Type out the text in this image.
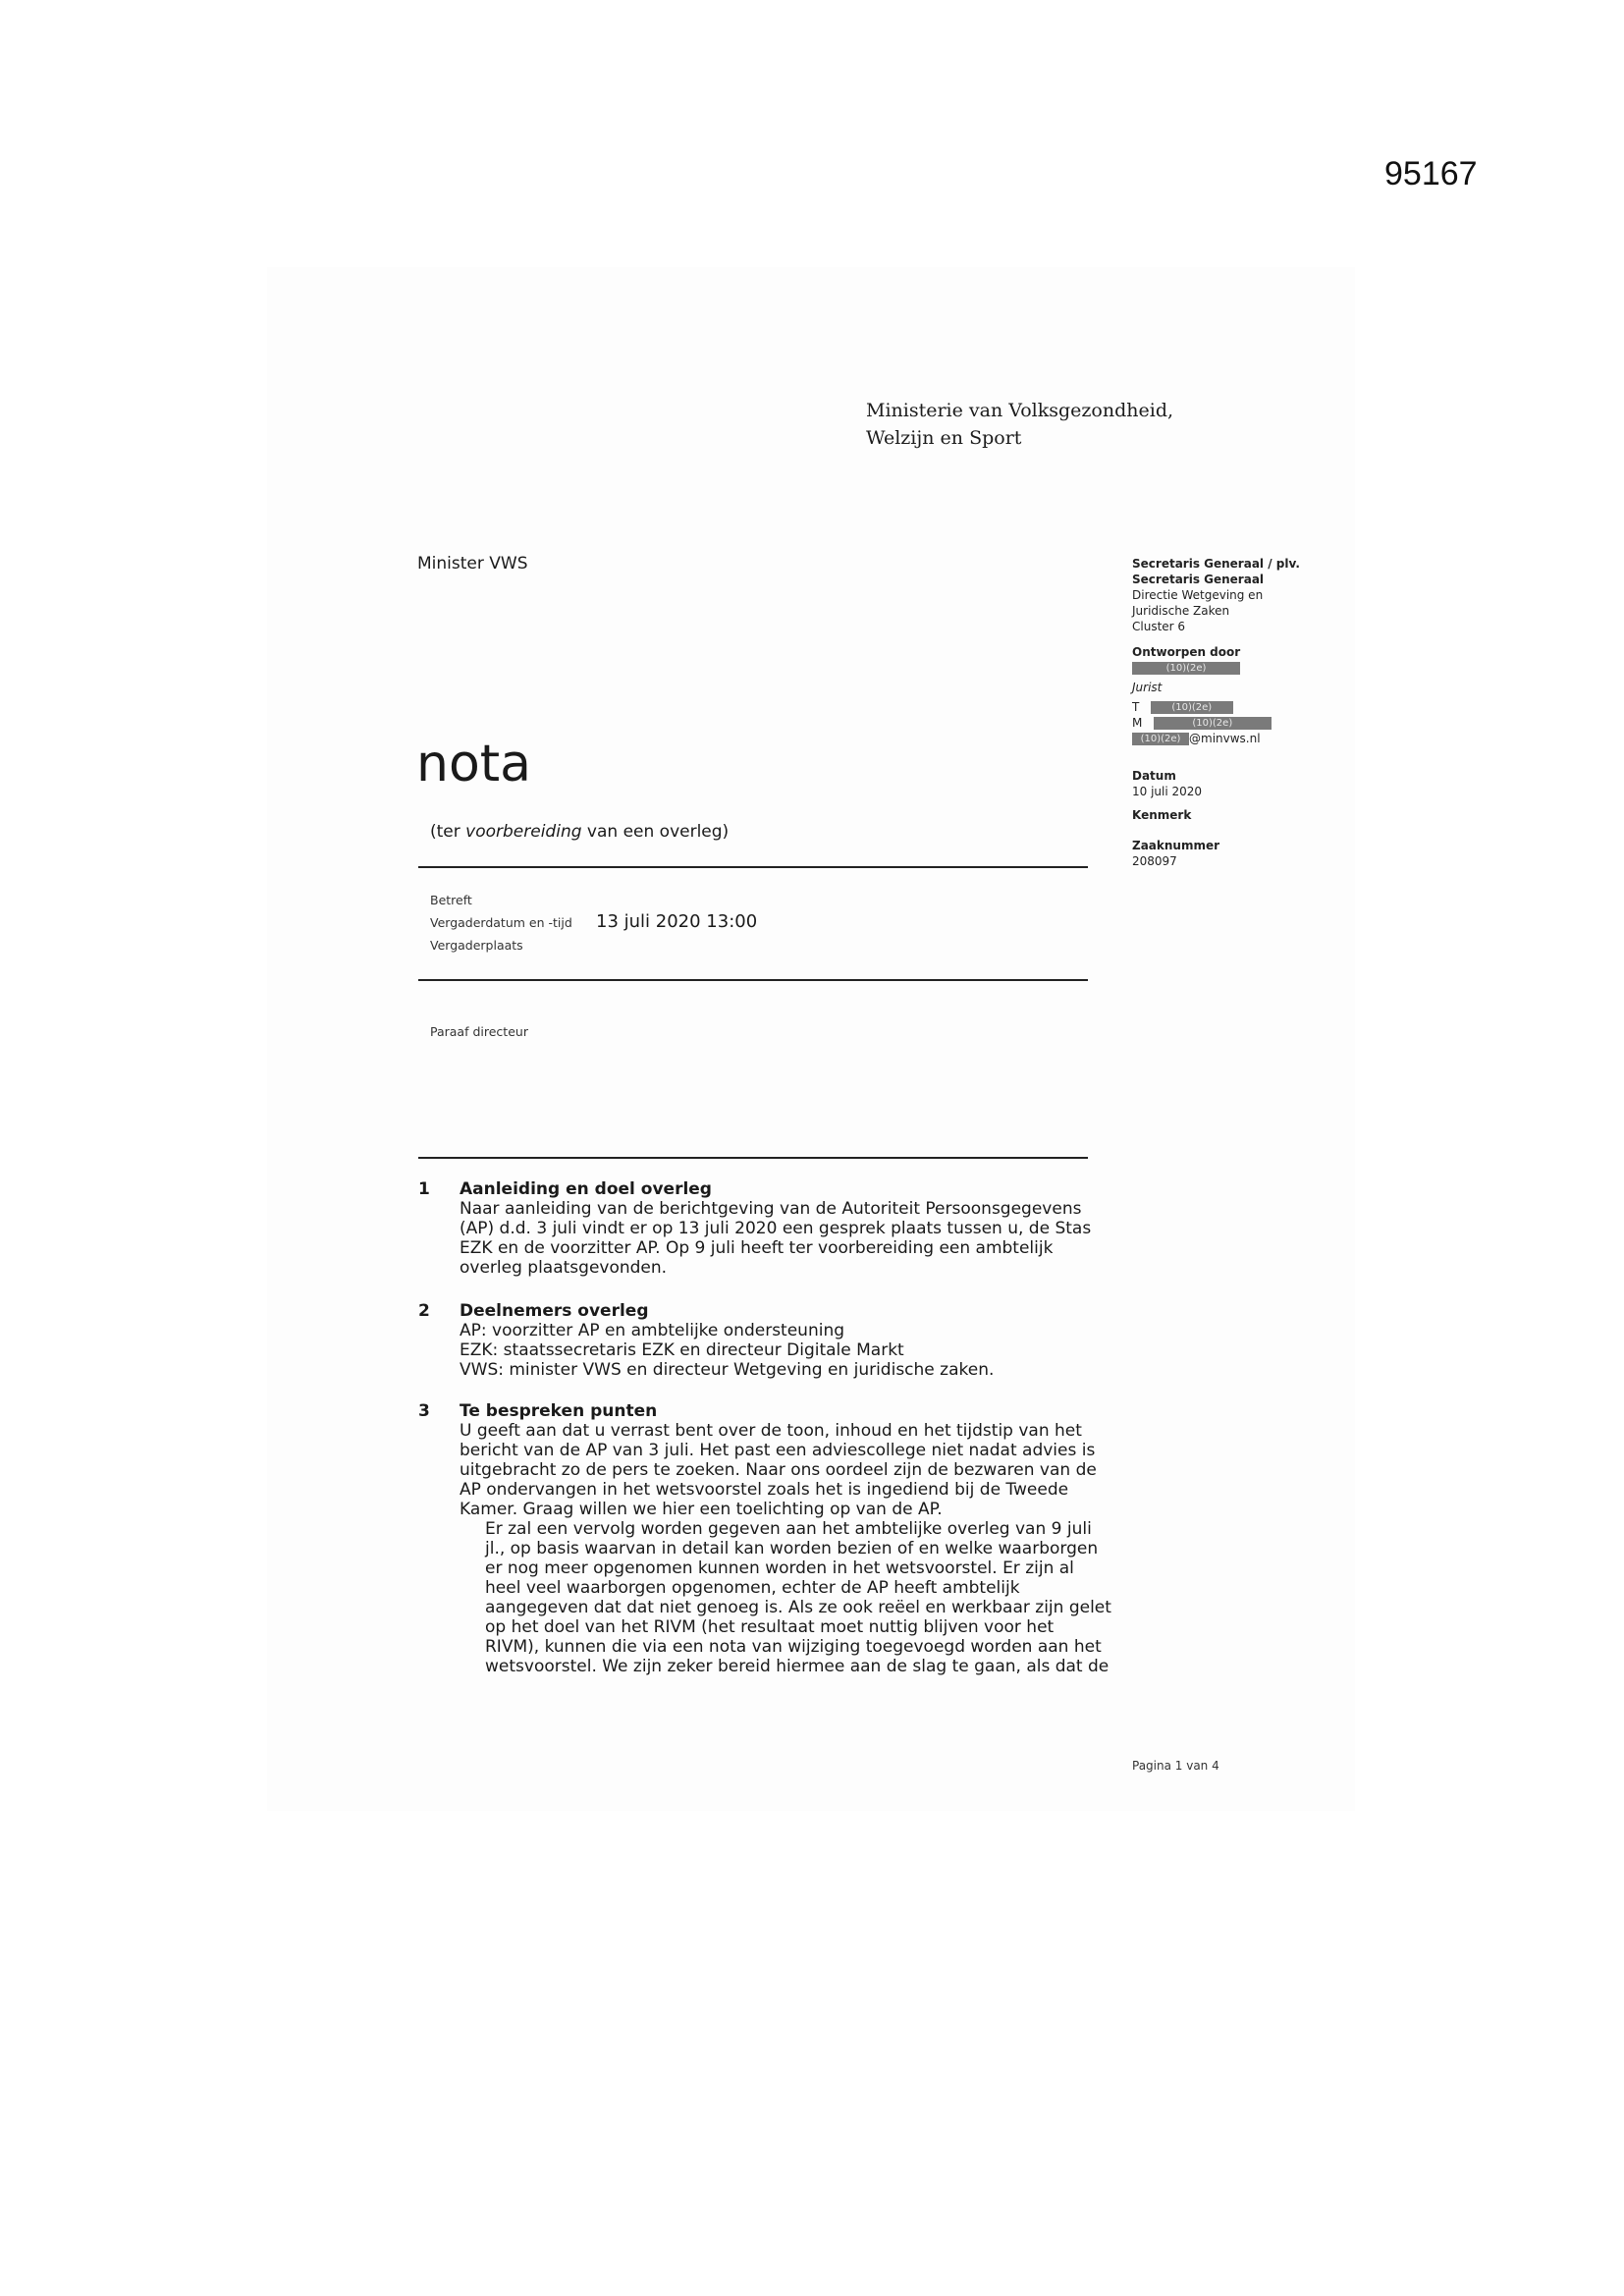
95167
Ministerie van Volksgezondheid,
Welzijn en Sport
Minister VWS
nota
(ter voorbereiding van een overleg)
Betreft
Vergaderdatum en -tijd
Vergaderplaats
13 juli 2020 13:00
Paraaf directeur
1 Aanleiding en doel overleg
Naar aanleiding van de berichtgeving van de Autoriteit Persoonsgegevens
(AP) d.d. 3 juli vindt er op 13 juli 2020 een gesprek plaats tussen u, de Stas
EZK en de voorzitter AP. Op 9 juli heeft ter voorbereiding een ambtelijk
overleg plaatsgevonden.
2 Deelnemers overleg
AP: voorzitter AP en ambtelijke ondersteuning
EZK: staatssecretaris EZK en directeur Digitale Markt
VWS: minister VWS en directeur Wetgeving en juridische zaken.
3 Te bespreken punten
U geeft aan dat u verrast bent over de toon, inhoud en het tijdstip van het
bericht van de AP van 3 juli. Het past een adviescollege niet nadat advies is
uitgebracht zo de pers te zoeken. Naar ons oordeel zijn de bezwaren van de
AP ondervangen in het wetsvoorstel zoals het is ingediend bij de Tweede
Kamer. Graag willen we hier een toelichting op van de AP.
Er zal een vervolg worden gegeven aan het ambtelijke overleg van 9 juli
jl., op basis waarvan in detail kan worden bezien of en welke waarborgen
er nog meer opgenomen kunnen worden in het wetsvoorstel. Er zijn al
heel veel waarborgen opgenomen, echter de AP heeft ambtelijk
aangegeven dat dat niet genoeg is. Als ze ook reëel en werkbaar zijn gelet
op het doel van het RIVM (het resultaat moet nuttig blijven voor het
RIVM), kunnen die via een nota van wijziging toegevoegd worden aan het
wetsvoorstel. We zijn zeker bereid hiermee aan de slag te gaan, als dat de
Secretaris Generaal / plv.
Secretaris Generaal
Directie Wetgeving en
Juridische Zaken
Cluster 6
Ontworpen door
(10)(2e)
Jurist
T	(10)(2e)
M	(10)(2e)
(10)(2e) @minvws.nl
Datum
10 juli 2020
Kenmerk
Zaaknummer
208097
Pagina 1 van 4
